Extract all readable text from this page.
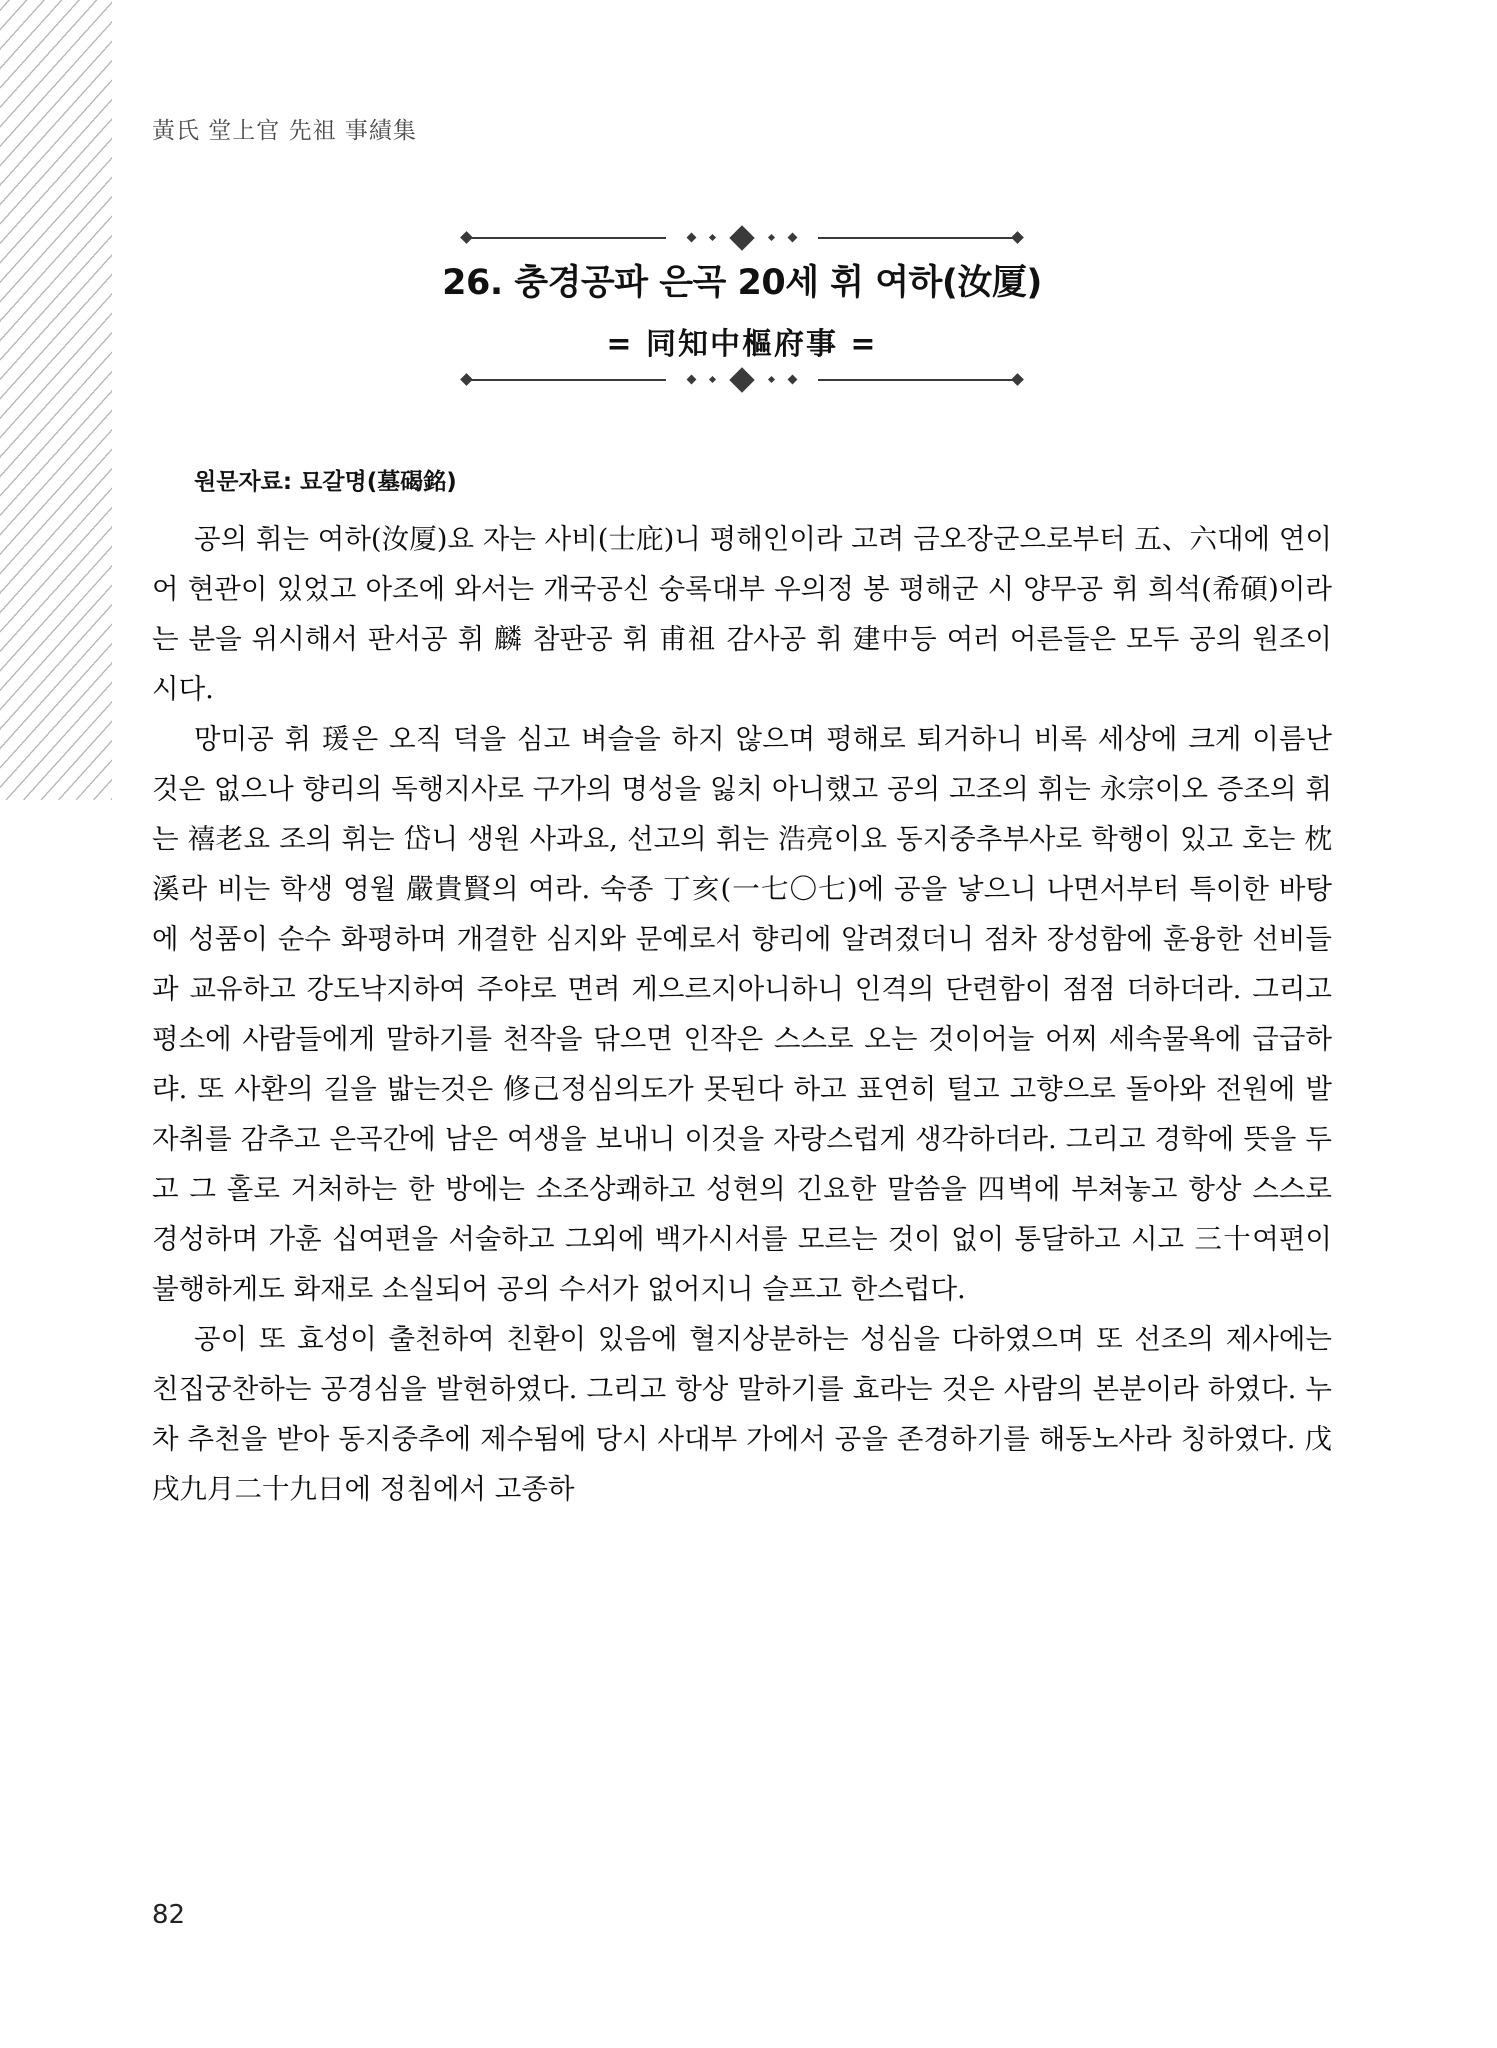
黃氏 堂上官 先祖 事績集
26. 충경공파 은곡 20세 휘 여하(汝厦)
= 同知中樞府事 =
원문자료: 묘갈명(墓碣銘)

공의 휘는 여하(汝厦)요 자는 사비(士庇)니 평해인이라 고려 금오장군으로부터 五、六대에 연이어 현관이 있었고 아조에 와서는 개국공신 숭록대부 우의정 봉 평해군 시 양무공 휘 희석(希碩)이라는 분을 위시해서 판서공 휘 麟 참판공 휘 甫祖 감사공 휘 建中등 여러 어른들은 모두 공의 원조이시다.

망미공 휘 瑗은 오직 덕을 심고 벼슬을 하지 않으며 평해로 퇴거하니 비록 세상에 크게 이름난 것은 없으나 향리의 독행지사로 구가의 명성을 잃치 아니했고 공의 고조의 휘는 永宗이오 증조의 휘는 禧老요 조의 휘는 岱니 생원 사과요, 선고의 휘는 浩亮이요 동지중추부사로 학행이 있고 호는 枕溪라 비는 학생 영월 嚴貴賢의 여라. 숙종 丁亥(一七〇七)에 공을 낳으니 나면서부터 특이한 바탕에 성품이 순수 화평하며 개결한 심지와 문예로서 향리에 알려졌더니 점차 장성함에 훈융한 선비들과 교유하고 강도낙지하여 주야로 면려 게으르지아니하니 인격의 단련함이 점점 더하더라. 그리고 평소에 사람들에게 말하기를 천작을 닦으면 인작은 스스로 오는 것이어늘 어찌 세속물욕에 급급하랴. 또 사환의 길을 밟는것은 修己정심의도가 못된다 하고 표연히 털고 고향으로 돌아와 전원에 발자취를 감추고 은곡간에 남은 여생을 보내니 이것을 자랑스럽게 생각하더라. 그리고 경학에 뜻을 두고 그 홀로 거처하는 한 방에는 소조상쾌하고 성현의 긴요한 말씀을 四벽에 부쳐놓고 항상 스스로 경성하며 가훈 십여편을 서술하고 그외에 백가시서를 모르는 것이 없이 통달하고 시고 三十여편이 불행하게도 화재로 소실되어 공의 수서가 없어지니 슬프고 한스럽다.

공이 또 효성이 출천하여 친환이 있음에 혈지상분하는 성심을 다하였으며 또 선조의 제사에는 친집궁찬하는 공경심을 발현하였다. 그리고 항상 말하기를 효라는 것은 사람의 본분이라 하였다. 누차 추천을 받아 동지중추에 제수됨에 당시 사대부 가에서 공을 존경하기를 해동노사라 칭하였다. 戊戌九月二十九日에 정침에서 고종하

82
